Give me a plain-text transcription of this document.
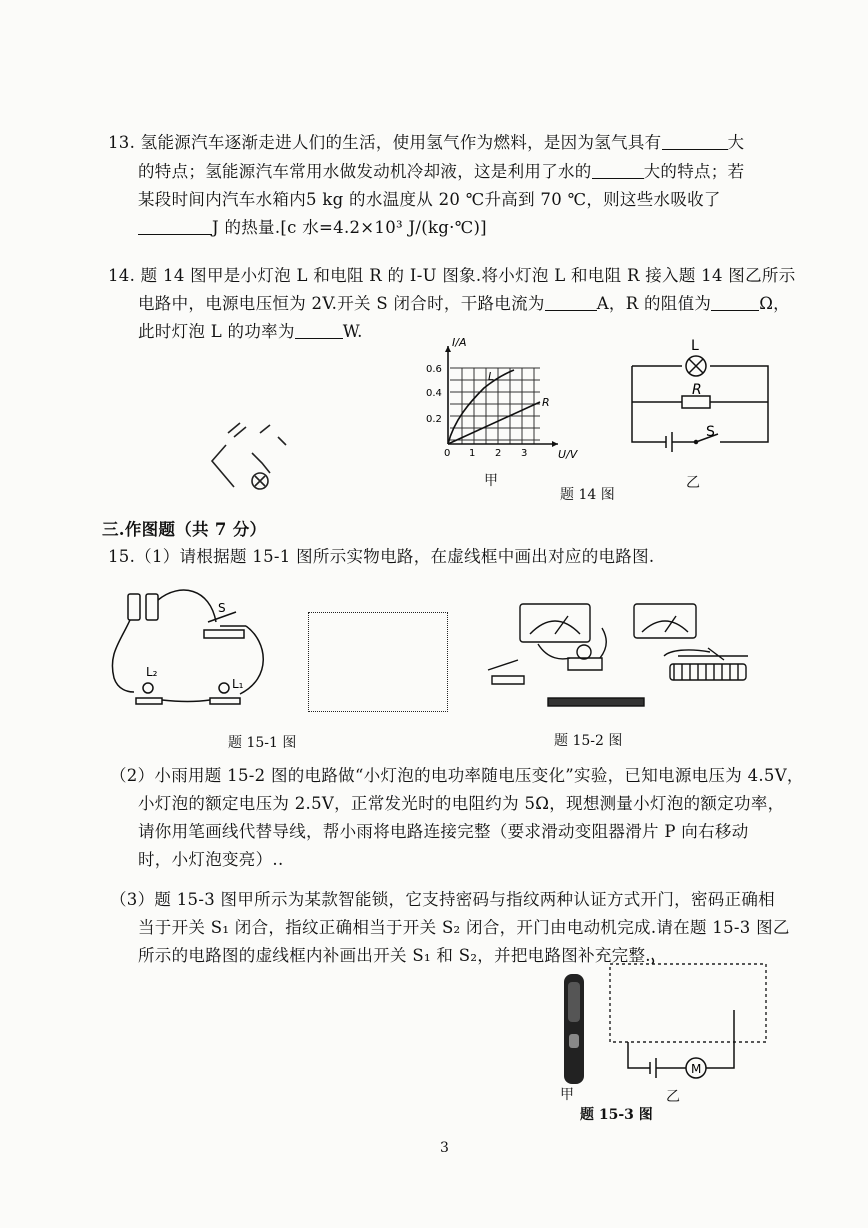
13. 氢能源汽车逐渐走进人们的生活，使用氢气作为燃料，是因为氢气具有	大
的特点；氢能源汽车常用水做发动机冷却液，这是利用了水的	大的特点；若
某段时间内汽车水箱内5 kg 的水温度从 20 ℃升高到 70 ℃，则这些水吸收了
J 的热量.[c 水=4.2×10³ J/(kg·℃)]
14. 题 14 图甲是小灯泡 L 和电阻 R 的 I-U 图象.将小灯泡 L 和电阻 R 接入题 14 图乙所示
电路中，电源电压恒为 2V.开关 S 闭合时，干路电流为	A，R 的阻值为	Ω，
此时灯泡 L 的功率为	W.
I/A
U/V
0.6
0.4
0.2
0 1 2 3
L
R
甲
L
R
S
题 14 图
乙
三.作图题（共 7 分）
15.（1）请根据题 15-1 图所示实物电路，在虚线框中画出对应的电路图.
S
L₁
L₂
题 15-1 图	题 15-2 图
（2）小雨用题 15-2 图的电路做“小灯泡的电功率随电压变化”实验，已知电源电压为 4.5V，
小灯泡的额定电压为 2.5V，正常发光时的电阻约为 5Ω，现想测量小灯泡的额定功率，
请你用笔画线代替导线，帮小雨将电路连接完整（要求滑动变阻器滑片 P 向右移动
时，小灯泡变亮）..
（3）题 15-3 图甲所示为某款智能锁，它支持密码与指纹两种认证方式开门，密码正确相
当于开关 S₁ 闭合，指纹正确相当于开关 S₂ 闭合，开门由电动机完成.请在题 15-3 图乙
所示的电路图的虚线框内补画出开关 S₁ 和 S₂，并把电路图补充完整.
甲
M
乙
题 15-3 图
3
